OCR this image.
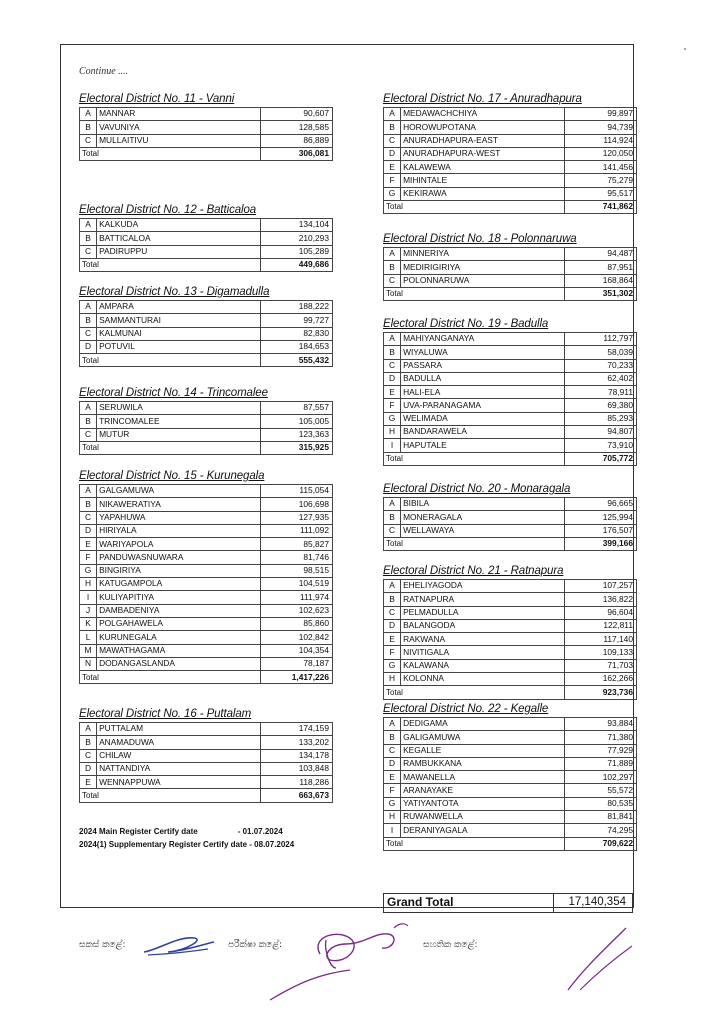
Continue ....
Electoral District No. 11 - Vanni
A	MANNAR	90,607
B	VAVUNIYA	128,585
C	MULLAITIVU	86,889
Total		306,081
Electoral District No. 12 - Batticaloa
A	KALKUDA	134,104
B	BATTICALOA	210,293
C	PADIRUPPU	105,289
Total		449,686
Electoral District No. 13 - Digamadulla
A	AMPARA	188,222
B	SAMMANTURAI	99,727
C	KALMUNAI	82,830
D	POTUVIL	184,653
Total		555,432
Electoral District No. 14 - Trincomalee
A	SERUWILA	87,557
B	TRINCOMALEE	105,005
C	MUTUR	123,363
Total		315,925
Electoral District No. 15 - Kurunegala
A	GALGAMUWA	115,054
B	NIKAWERATIYA	106,698
C	YAPAHUWA	127,935
D	HIRIYALA	111,092
E	WARIYAPOLA	85,827
F	PANDUWASNUWARA	81,746
G	BINGIRIYA	98,515
H	KATUGAMPOLA	104,519
I	KULIYAPITIYA	111,974
J	DAMBADENIYA	102,623
K	POLGAHAWELA	85,860
L	KURUNEGALA	102,842
M	MAWATHAGAMA	104,354
N	DODANGASLANDA	78,187
Total		1,417,226
Electoral District No. 16 - Puttalam
A	PUTTALAM	174,159
B	ANAMADUWA	133,202
C	CHILAW	134,178
D	NATTANDIYA	103,848
E	WENNAPPUWA	118,286
Total		663,673
Electoral District No. 17 - Anuradhapura
A	MEDAWACHCHIYA	99,897
B	HOROWUPOTANA	94,739
C	ANURADHAPURA-EAST	114,924
D	ANURADHAPURA-WEST	120,050
E	KALAWEWA	141,456
F	MIHINTALE	75,279
G	KEKIRAWA	95,517
Total		741,862
Electoral District No. 18 - Polonnaruwa
A	MINNERIYA	94,487
B	MEDIRIGIRIYA	87,951
C	POLONNARUWA	168,864
Total		351,302
Electoral District No. 19 - Badulla
A	MAHIYANGANAYA	112,797
B	WIYALUWA	58,039
C	PASSARA	70,233
D	BADULLA	62,402
E	HALI-ELA	78,911
F	UVA-PARANAGAMA	69,380
G	WELIMADA	85,293
H	BANDARAWELA	94,807
I	HAPUTALE	73,910
Total		705,772
Electoral District No. 20 - Monaragala
A	BIBILA	96,665
B	MONERAGALA	125,994
C	WELLAWAYA	176,507
Total		399,166
Electoral District No. 21 - Ratnapura
A	EHELIYAGODA	107,257
B	RATNAPURA	136,822
C	PELMADULLA	96,604
D	BALANGODA	122,811
E	RAKWANA	117,140
F	NIVITIGALA	109,133
G	KALAWANA	71,703
H	KOLONNA	162,266
Total		923,736
Electoral District No. 22 - Kegalle
A	DEDIGAMA	93,884
B	GALIGAMUWA	71,380
C	KEGALLE	77,929
D	RAMBUKKANA	71,889
E	MAWANELLA	102,297
F	ARANAYAKE	55,572
G	YATIYANTOTA	80,535
H	RUWANWELLA	81,841
I	DERANIYAGALA	74,295
Total		709,622
2024 Main Register Certify date                  - 01.07.2024
2024(1) Supplementary Register Certify date - 08.07.2024
Grand Total	17,140,354
සකස් කළේ:	පරීක්ෂා කළේ:	සහතික කළේ:
